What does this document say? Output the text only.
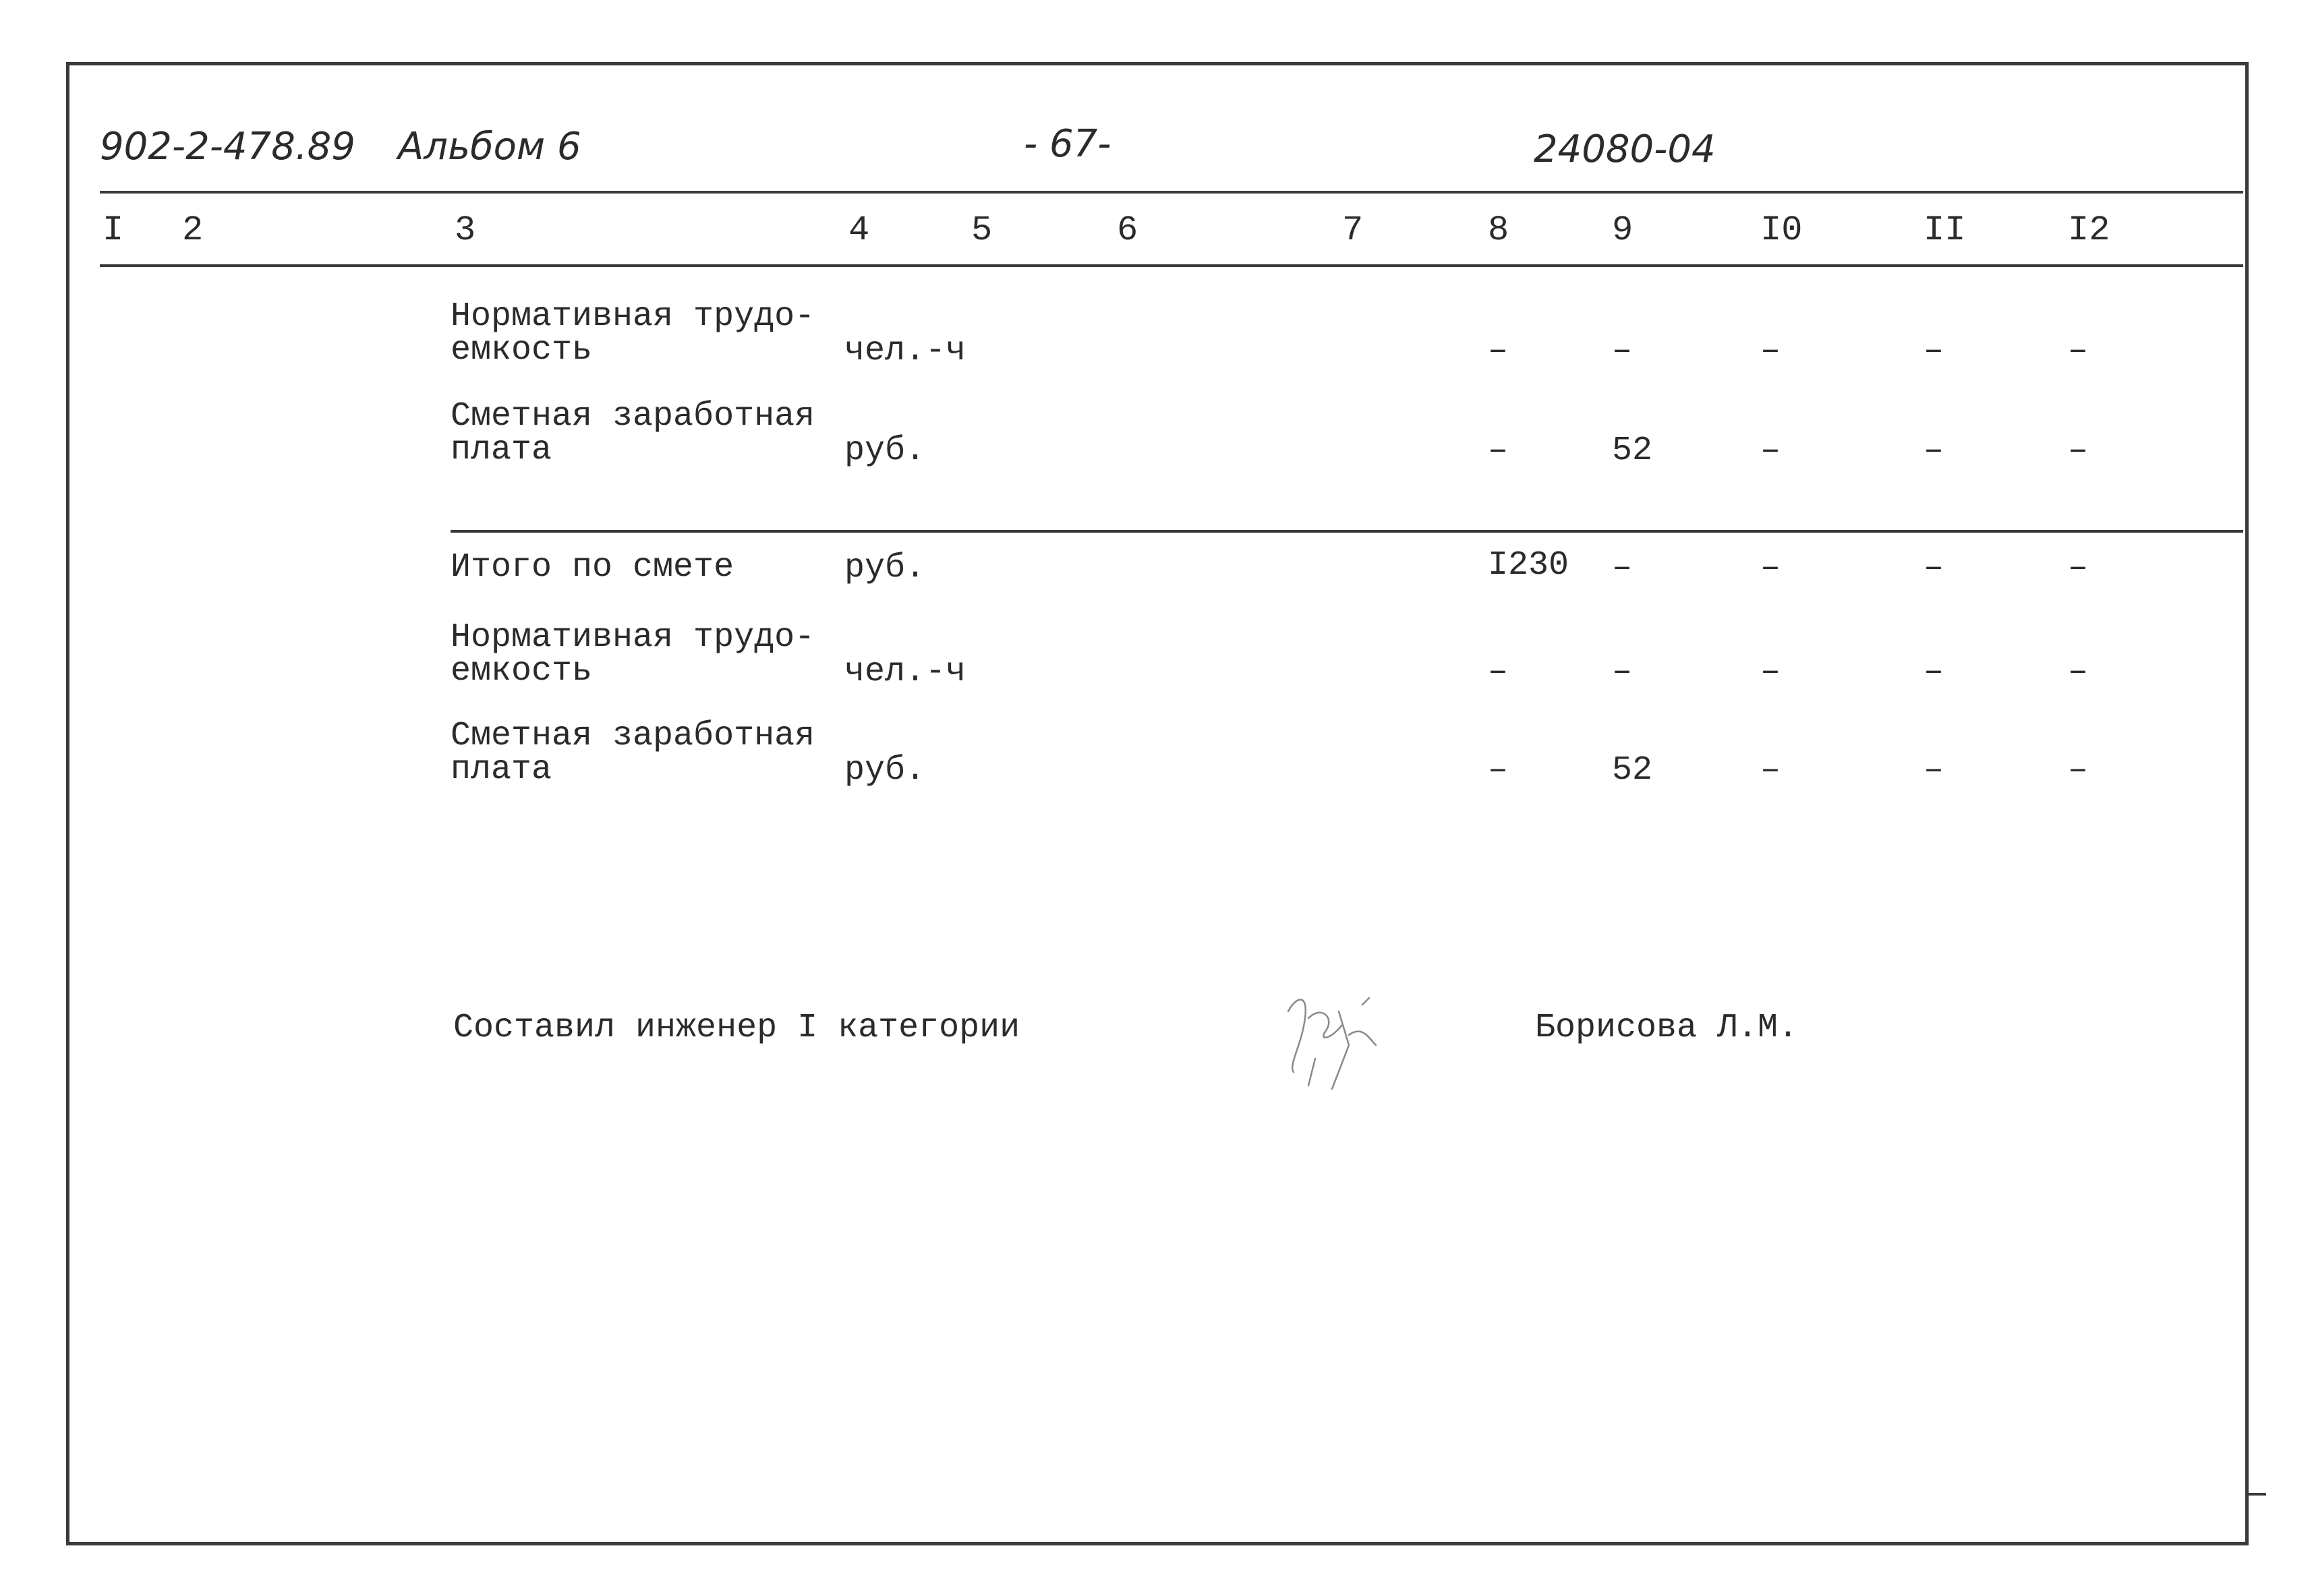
902-2-478.89 Альбом 6	- 67-	24080-04
I 2	3	4	5	6	7	8	9	I0	II	I2
Нормативная трудо-
емкость	чел.-ч	–	–	–	–	–
Сметная заработная
плата	руб.	–	52	–	–	–
Итого по смете	руб.	I230 –	–	–	–
Нормативная трудо-
емкость	чел.-ч	–	–	–	–	–
Сметная заработная
плата	руб.	–	52	–	–	–
Составил инженер I категории	Борисова Л.М.
